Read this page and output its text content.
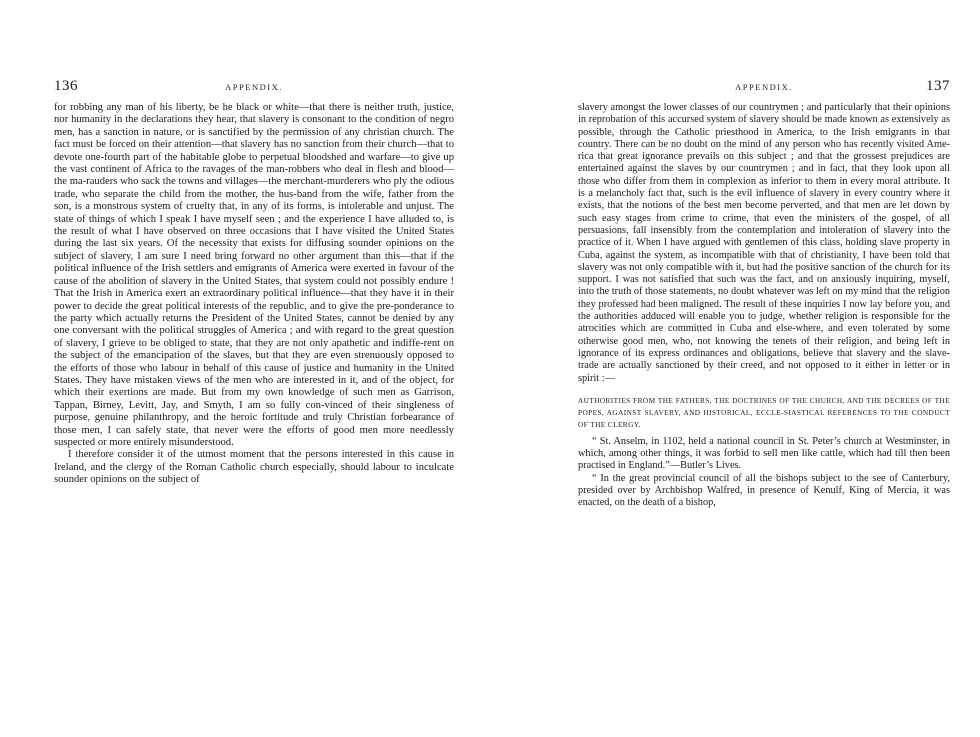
136	APPENDIX.

for robbing any man of his liberty, be he black or white—that there is neither truth, justice, nor humanity in the declarations they hear, that slavery is consonant to the condition of negro men, has a sanction in nature, or is sanctified by the permission of any christian church. The fact must be forced on their attention—that slavery has no sanction from their church—that to devote one-fourth part of the habitable globe to perpetual bloodshed and warfare—to give up the vast continent of Africa to the ravages of the man-robbers who deal in flesh and blood—the ma-rauders who sack the towns and villages—the merchant-murderers who ply the odious trade, who separate the child from the mother, the hus-band from the wife, father from the son, is a monstrous system of cruelty that, in any of its forms, is intolerable and unjust. The state of things of which I speak I have myself seen ; and the experience I have alluded to, is the result of what I have observed on three occasions that I have visited the United States during the last six years. Of the necessity that exists for diffusing sounder opinions on the subject of slavery, I am sure I need bring forward no other argument than this—that if the political influence of the Irish settlers and emigrants of America were exerted in favour of the cause of the abolition of slavery in the United States, that system could not possibly endure ! That the Irish in America exert an extraordinary political influence—that they have it in their power to decide the great political interests of the republic, and to give the pre-ponderance to the party which actually returns the President of the United States, cannot be denied by any one conversant with the political struggles of America ; and with regard to the great question of slavery, I grieve to be obliged to state, that they are not only apathetic and indiffe-rent on the subject of the emancipation of the slaves, but that they are even strenuously opposed to the efforts of those who labour in behalf of this cause of justice and humanity in the United States. They have mistaken views of the men who are interested in it, and of the object, for which their exertions are made. But from my own knowledge of such men as Garrison, Tappan, Birney, Levitt, Jay, and Smyth, I am so fully con-vinced of their singleness of purpose, genuine philanthropy, and the heroic fortitude and truly Christian forbearance of those men, I can safely state, that never were the efforts of good men more needlessly suspected or more entirely misunderstood.

I therefore consider it of the utmost moment that the persons interested in this cause in Ireland, and the clergy of the Roman Catholic church especially, should labour to inculcate sounder opinions on the subject of

APPENDIX.	137

slavery amongst the lower classes of our countrymen ; and particularly that their opinions in reprobation of this accursed system of slavery should be made known as extensively as possible, through the Catholic priesthood in America, to the Irish emigrants in that country. There can be no doubt on the mind of any person who has recently visited Ame-rica that great ignorance prevails on this subject ; and that the grossest prejudices are entertained against the slaves by our countrymen ; and in fact, that they look upon all those who differ from them in complexion as inferior to them in every moral attribute. It is a melancholy fact that, such is the evil influence of slavery in every country where it exists, that the notions of the best men become perverted, and that men are let down by such easy stages from crime to crime, that even the ministers of the gospel, of all persuasions, fall insensibly from the contemplation and intoleration of slavery into the practice of it. When I have argued with gentlemen of this class, holding slave property in Cuba, against the system, as incompatible with that of christianity, I have been told that slavery was not only compatible with it, but had the positive sanction of the church for its support. I was not satisfied that such was the fact, and on anxiously inquiring, myself, into the truth of those statements, no doubt whatever was left on my mind that the religion they professed had been maligned. The result of these inquiries I now lay before you, and the authorities adduced will enable you to judge, whether religion is responsible for the atrocities which are committed in Cuba and else-where, and even tolerated by some otherwise good men, who, not knowing the tenets of their religion, and being left in ignorance of its express ordinances and obligations, believe that slavery and the slave-trade are actually sanctioned by their creed, and not opposed to it either in letter or in spirit :—

AUTHORITIES FROM THE FATHERS, THE DOCTRINES OF THE CHURCH, AND THE DECREES OF THE POPES, AGAINST SLAVERY, AND HISTORICAL, ECCLE-SIASTICAL REFERENCES TO THE CONDUCT OF THE CLERGY.

“ St. Anselm, in 1102, held a national council in St. Peter’s church at Westminster, in which, among other things, it was forbid to sell men like cattle, which had till then been practised in England.”—Butler’s Lives.

“ In the great provincial council of all the bishops subject to the see of Canterbury, presided over by Archbishop Walfred, in presence of Kenulf, King of Mercia, it was enacted, on the death of a bishop,
